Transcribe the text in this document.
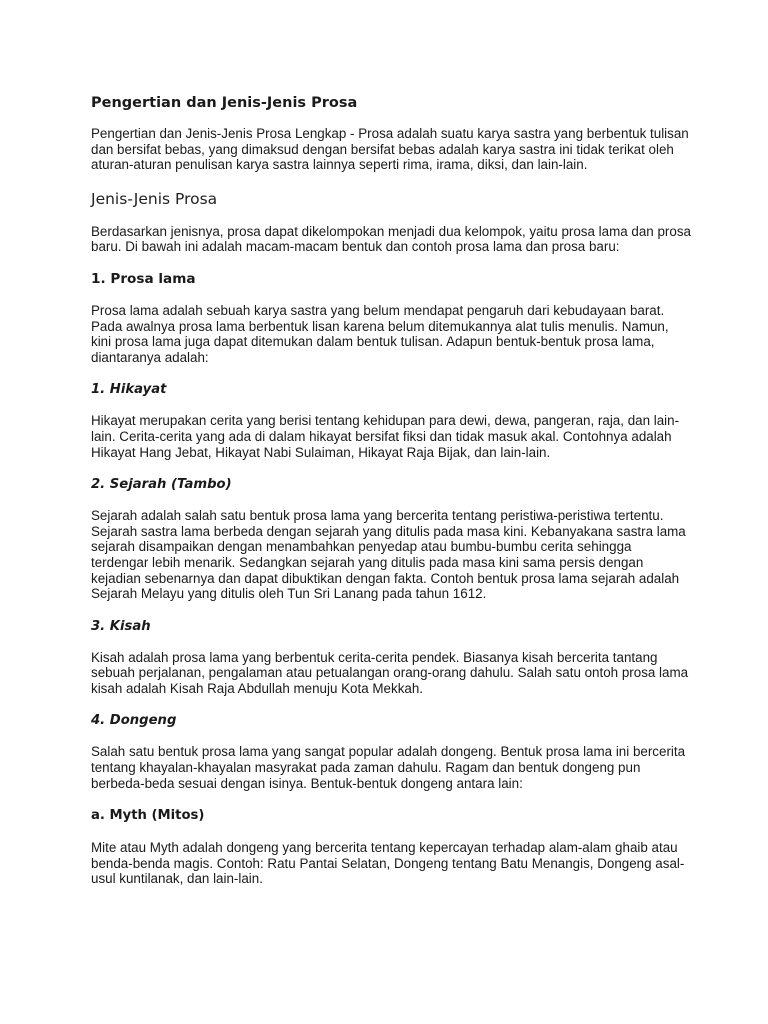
Pengertian dan Jenis-Jenis Prosa

Pengertian dan Jenis-Jenis Prosa Lengkap - Prosa adalah suatu karya sastra yang berbentuk tulisan dan bersifat bebas, yang dimaksud dengan bersifat bebas adalah karya sastra ini tidak terikat oleh aturan-aturan penulisan karya sastra lainnya seperti rima, irama, diksi, dan lain-lain.

Jenis-Jenis Prosa

Berdasarkan jenisnya, prosa dapat dikelompokan menjadi dua kelompok, yaitu prosa lama dan prosa baru. Di bawah ini adalah macam-macam bentuk dan contoh prosa lama dan prosa baru:

1. Prosa lama

Prosa lama adalah sebuah karya sastra yang belum mendapat pengaruh dari kebudayaan barat. Pada awalnya prosa lama berbentuk lisan karena belum ditemukannya alat tulis menulis. Namun, kini prosa lama juga dapat ditemukan dalam bentuk tulisan. Adapun bentuk-bentuk prosa lama, diantaranya adalah:

1. Hikayat

Hikayat merupakan cerita yang berisi tentang kehidupan para dewi, dewa, pangeran, raja, dan lain-lain. Cerita-cerita yang ada di dalam hikayat bersifat fiksi dan tidak masuk akal. Contohnya adalah Hikayat Hang Jebat, Hikayat Nabi Sulaiman, Hikayat Raja Bijak, dan lain-lain.

2. Sejarah (Tambo)

Sejarah adalah salah satu bentuk prosa lama yang bercerita tentang peristiwa-peristiwa tertentu. Sejarah sastra lama berbeda dengan sejarah yang ditulis pada masa kini. Kebanyakana sastra lama sejarah disampaikan dengan menambahkan penyedap atau bumbu-bumbu cerita sehingga terdengar lebih menarik. Sedangkan sejarah yang ditulis pada masa kini sama persis dengan kejadian sebenarnya dan dapat dibuktikan dengan fakta. Contoh bentuk prosa lama sejarah adalah Sejarah Melayu yang ditulis oleh Tun Sri Lanang pada tahun 1612.

3. Kisah

Kisah adalah prosa lama yang berbentuk cerita-cerita pendek. Biasanya kisah bercerita tantang sebuah perjalanan, pengalaman atau petualangan orang-orang dahulu. Salah satu ontoh prosa lama kisah adalah Kisah Raja Abdullah menuju Kota Mekkah.

4. Dongeng

Salah satu bentuk prosa lama yang sangat popular adalah dongeng. Bentuk prosa lama ini bercerita tentang khayalan-khayalan masyrakat pada zaman dahulu. Ragam dan bentuk dongeng pun berbeda-beda sesuai dengan isinya. Bentuk-bentuk dongeng antara lain:

a. Myth (Mitos)

Mite atau Myth adalah dongeng yang bercerita tentang kepercayan terhadap alam-alam ghaib atau benda-benda magis. Contoh: Ratu Pantai Selatan, Dongeng tentang Batu Menangis, Dongeng asal-usul kuntilanak, dan lain-lain.
